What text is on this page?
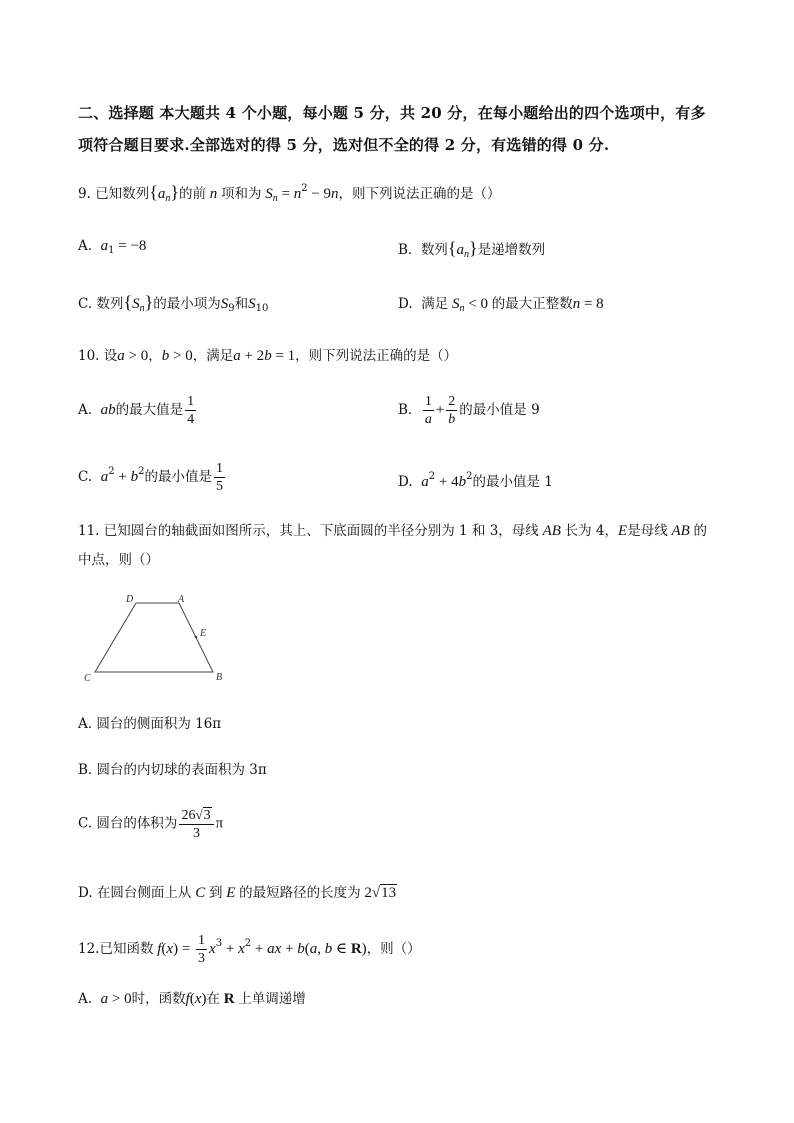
二、选择题 本大题共 4 个小题，每小题 5 分，共 20 分，在每小题给出的四个选项中，有多
项符合题目要求.全部选对的得 5 分，选对但不全的得 2 分，有选错的得 0 分.
9. 已知数列$\{a_n\}$的前 n 项和为 $S_n = n^2 - 9n$，则下列说法正确的是（）
A. $a_1 = -8$	B. 数列$\{a_n\}$是递增数列
C. 数列$\{S_n\}$的最小项为$S_9$和$S_{10}$	D. 满足 $S_n < 0$ 的最大正整数n = 8
10. 设a > 0，b > 0，满足a + 2b = 1，则下列说法正确的是（）
A. ab的最大值是 $\frac{1}{4}$	B. $\frac{1}{a} + \frac{2}{b}$ 的最小值是 9
C. $a^2 + b^2$的最小值是 $\frac{1}{5}$	D. $a^2 + 4b^2$的最小值是 1
11. 已知圆台的轴截面如图所示，其上、下底面圆的半径分别为 1 和 3，母线 AB 长为 4，E是母线 AB 的
中点，则（）
D	A
E
C	B
A. 圆台的侧面积为 16π
B. 圆台的内切球的表面积为 3π
C. 圆台的体积为 $\frac{26√3}{3}$ π
D. 在圆台侧面上从 C 到 E 的最短路径的长度为 2√13
12.已知函数 $f(x) = \frac{1}{3} x^3 + x^2$ + ax + b(a, b ∈ R)，则（）
A. a > 0时，函数f(x)在 R 上单调递增
